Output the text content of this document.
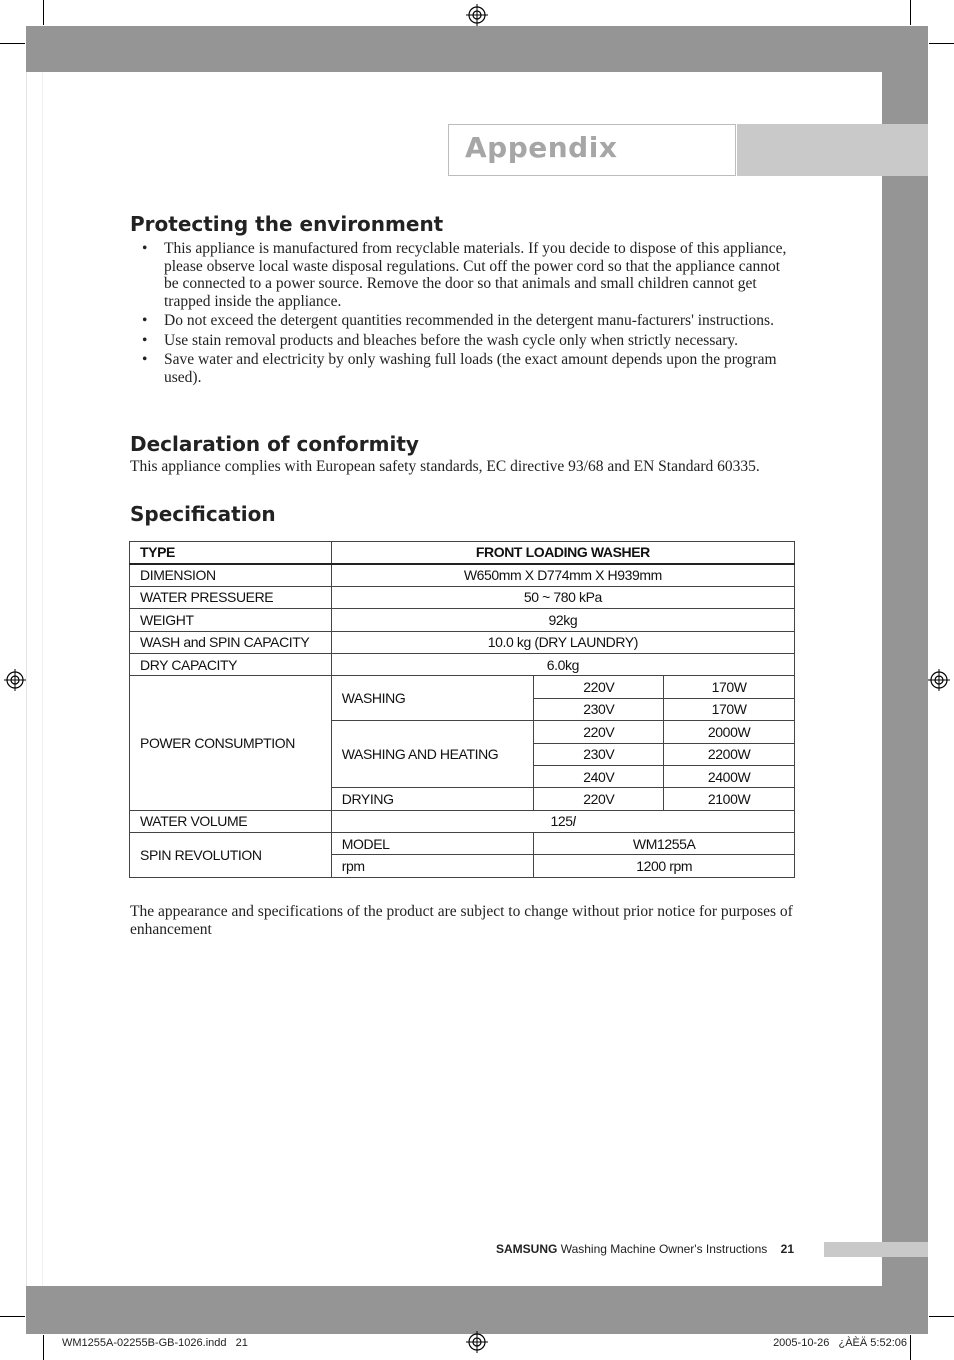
Appendix
Protecting the environment
• This appliance is manufactured from recyclable materials. If you decide to dispose of this appliance, please observe local waste disposal regulations. Cut off the power cord so that the appliance cannot be connected to a power source. Remove the door so that animals and small children cannot get trapped inside the appliance.
• Do not exceed the detergent quantities recommended in the detergent manu-facturers' instructions.
• Use stain removal products and bleaches before the wash cycle only when strictly necessary.
• Save water and electricity by only washing full loads (the exact amount depends upon the program used).
Declaration of conformity

This appliance complies with European safety standards, EC directive 93/68 and EN Standard 60335.

Specification
TYPE	FRONT LOADING WASHER		
DIMENSION	W650mm X D774mm X H939mm		
WATER PRESSUERE	50 ~ 780 kPa		
WEIGHT	92kg		
WASH and SPIN CAPACITY	10.0 kg (DRY LAUNDRY)		
DRY CAPACITY	6.0kg		
POWER CONSUMPTION	WASHING	220V	170W
		230V	170W
	WASHING AND HEATING	220V	2000W
		230V	2200W
		240V	2400W
	DRYING	220V	2100W
WATER VOLUME	125l		
SPIN REVOLUTION	MODEL	WM1255A	
	rpm	1200 rpm	

The appearance and specifications of the product are subject to change without prior notice for purposes of enhancement

SAMSUNG Washing Machine Owner's Instructions 21
WM1255A-02255B-GB-1026.indd   21	2005-10-26   ¿ÀÈÄ 5:52:06
